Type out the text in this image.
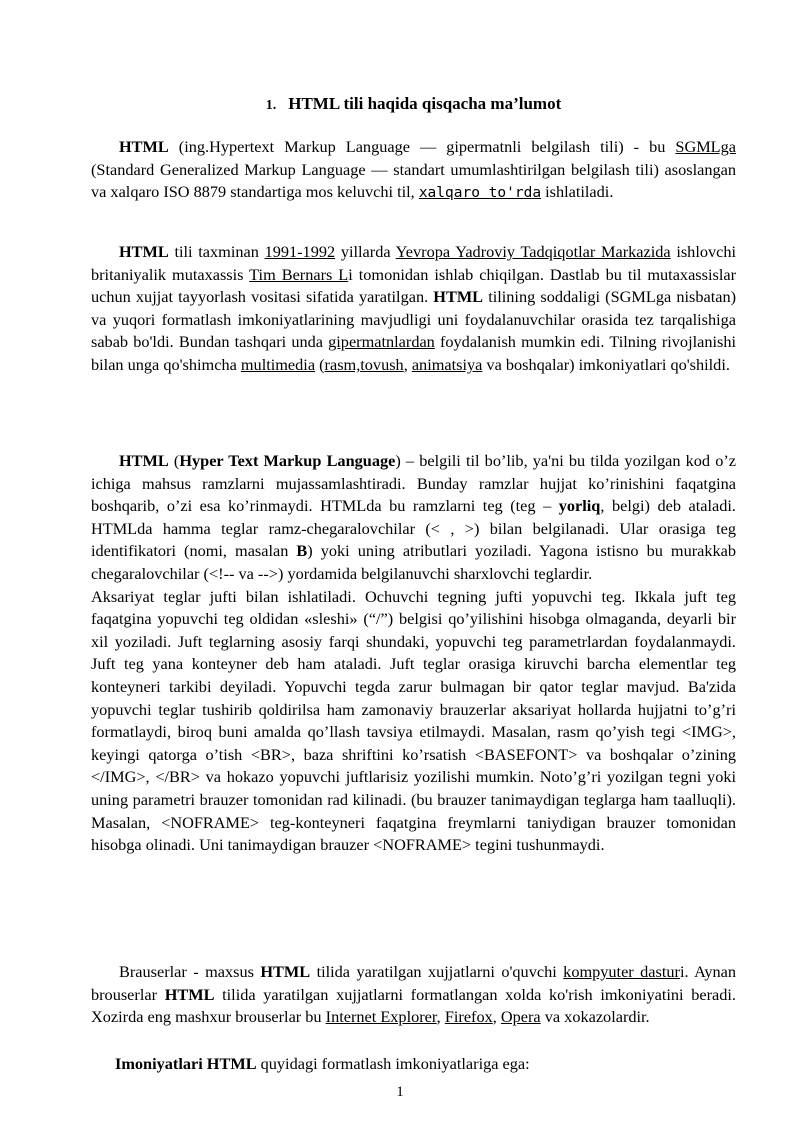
1. HTML tili haqida qisqacha ma’lumot
HTML (ing.Hypertext Markup Language — gipermatnli belgilash tili) - bu SGMLga (Standard Generalized Markup Language — standart umumlashtirilgan belgilash tili) asoslangan va xalqaro ISO 8879 standartiga mos keluvchi til, xalqaro to'rda ishlatiladi.
HTML tili taxminan 1991-1992 yillarda Yevropa Yadroviy Tadqiqotlar Markazida ishlovchi britaniyalik mutaxassis Tim Bernars Li tomonidan ishlab chiqilgan. Dastlab bu til mutaxassislar uchun xujjat tayyorlash vositasi sifatida yaratilgan. HTML tilining soddaligi (SGMLga nisbatan) va yuqori formatlash imkoniyatlarining mavjudligi uni foydalanuvchilar orasida tez tarqalishiga sabab bo'ldi. Bundan tashqari unda gipermatnlardan foydalanish mumkin edi. Tilning rivojlanishi bilan unga qo'shimcha multimedia (rasm,tovush, animatsiya va boshqalar) imkoniyatlari qo'shildi.
HTML (Hyper Text Markup Language) – belgili til bo’lib, ya'ni bu tilda yozilgan kod o’z ichiga mahsus ramzlarni mujassamlashtiradi. Bunday ramzlar hujjat ko’rinishini faqatgina boshqarib, o’zi esa ko’rinmaydi. HTMLda bu ramzlarni teg (teg – yorliq, belgi) deb ataladi. HTMLda hamma teglar ramz-chegaralovchilar (< , >) bilan belgilanadi. Ular orasiga teg identifikatori (nomi, masalan B) yoki uning atributlari yoziladi. Yagona istisno bu murakkab chegaralovchilar (<!-- va -->) yordamida belgilanuvchi sharxlovchi teglardir.
Aksariyat teglar jufti bilan ishlatiladi. Ochuvchi tegning jufti yopuvchi teg. Ikkala juft teg faqatgina yopuvchi teg oldidan «sleshi» (“/”) belgisi qo’yilishini hisobga olmaganda, deyarli bir xil yoziladi. Juft teglarning asosiy farqi shundaki, yopuvchi teg parametrlardan foydalanmaydi. Juft teg yana konteyner deb ham ataladi. Juft teglar orasiga kiruvchi barcha elementlar teg konteyneri tarkibi deyiladi. Yopuvchi tegda zarur bulmagan bir qator teglar mavjud. Ba'zida yopuvchi teglar tushirib qoldirilsa ham zamonaviy brauzerlar aksariyat hollarda hujjatni to’g’ri formatlaydi, biroq buni amalda qo’llash tavsiya etilmaydi. Masalan, rasm qo’yish tegi <IMG>, keyingi qatorga o’tish <BR>, baza shriftini ko’rsatish <BASEFONT> va boshqalar o’zining </IMG>, </BR> va hokazo yopuvchi juftlarisiz yozilishi mumkin. Noto’g’ri yozilgan tegni yoki uning parametri brauzer tomonidan rad kilinadi. (bu brauzer tanimaydigan teglarga ham taalluqli). Masalan, <NOFRAME> teg-konteyneri faqatgina freymlarni taniydigan brauzer tomonidan hisobga olinadi. Uni tanimaydigan brauzer <NOFRAME> tegini tushunmaydi.
Brauserlar - maxsus HTML tilida yaratilgan xujjatlarni o'quvchi kompyuter dasturi. Aynan brouserlar HTML tilida yaratilgan xujjatlarni formatlangan xolda ko'rish imkoniyatini beradi. Xozirda eng mashxur brouserlar bu Internet Explorer, Firefox, Opera va xokazolardir.
Imoniyatlari HTML quyidagi formatlash imkoniyatlariga ega:
1
